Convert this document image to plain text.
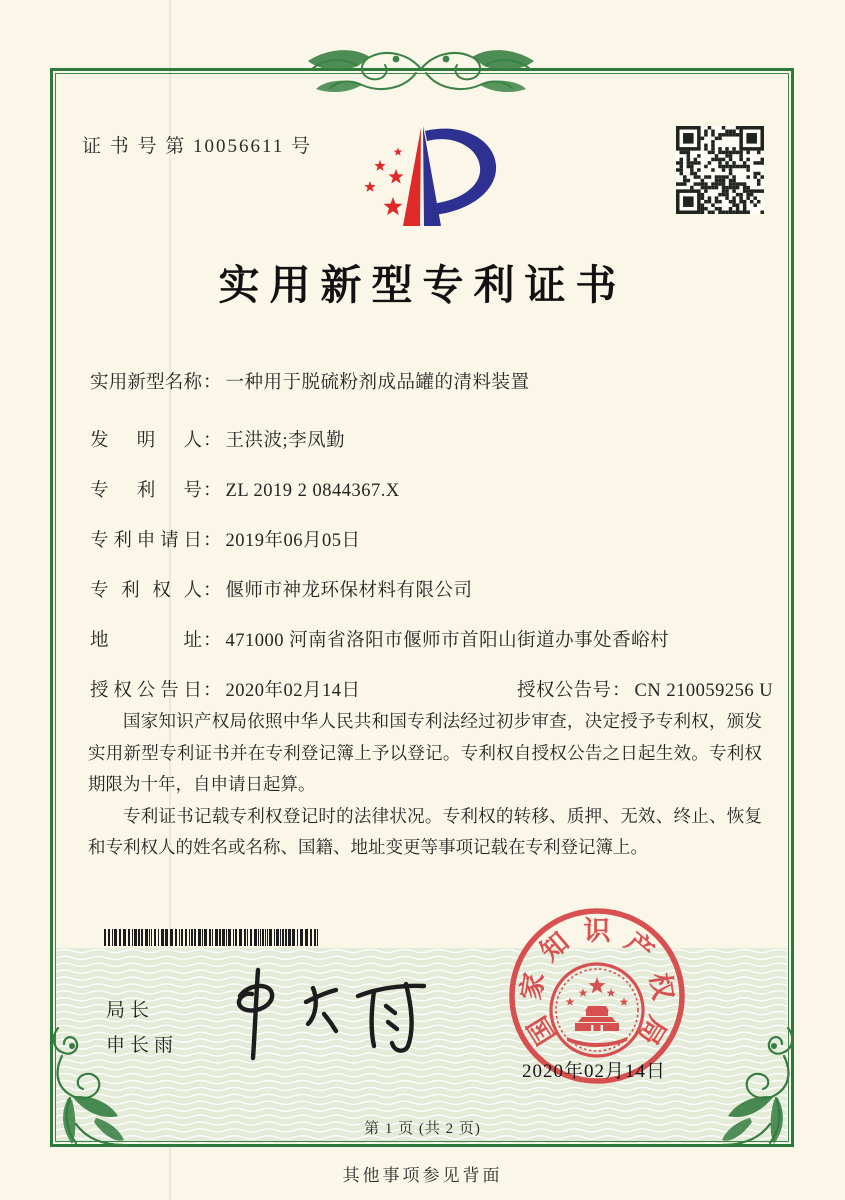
证 书 号 第 10056611 号
实用新型专利证书
实用新型名称： 一种用于脱硫粉剂成品罐的清料装置
发明人： 王洪波;李凤勤
专利号： ZL 2019 2 0844367.X
专利申请日： 2019年06月05日
专利权人： 偃师市神龙环保材料有限公司
地址： 471000 河南省洛阳市偃师市首阳山街道办事处香峪村
授权公告日： 2020年02月14日	授权公告号： CN 210059256 U

国家知识产权局依照中华人民共和国专利法经过初步审查，决定授予专利权，颁发实用新型专利证书并在专利登记簿上予以登记。专利权自授权公告之日起生效。专利权期限为十年，自申请日起算。

专利证书记载专利权登记时的法律状况。专利权的转移、质押、无效、终止、恢复和专利权人的姓名或名称、国籍、地址变更等事项记载在专利登记簿上。

局长
申长雨	国
家
知 识 产
权
局
2020年02月14日
第 1 页 (共 2 页)
其他事项参见背面
